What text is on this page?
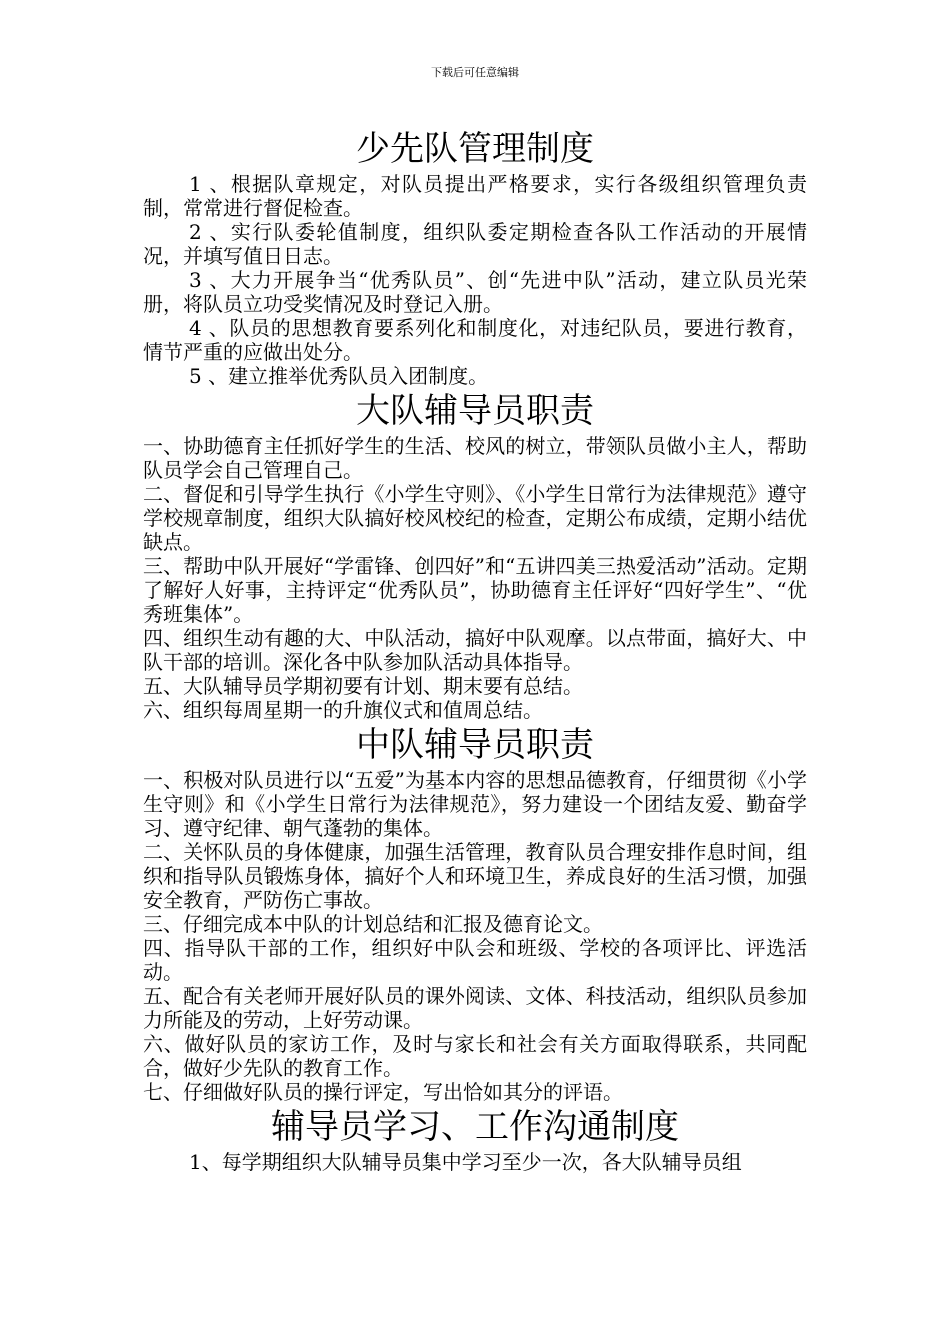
下载后可任意编辑
少先队管理制度

1 、根据队章规定，对队员提出严格要求，实行各级组织管理负责制，常常进行督促检查。

2 、实行队委轮值制度，组织队委定期检查各队工作活动的开展情况，并填写值日日志。

3 、大力开展争当“优秀队员”、创“先进中队”活动，建立队员光荣册，将队员立功受奖情况及时登记入册。

4 、队员的思想教育要系列化和制度化，对违纪队员，要进行教育，情节严重的应做出处分。

5 、建立推举优秀队员入团制度。

大队辅导员职责

一、协助德育主任抓好学生的生活、校风的树立，带领队员做小主人，帮助队员学会自己管理自己。

二、督促和引导学生执行《小学生守则》、《小学生日常行为法律规范》遵守学校规章制度，组织大队搞好校风校纪的检查，定期公布成绩，定期小结优缺点。

三、帮助中队开展好“学雷锋、创四好”和“五讲四美三热爱活动”活动。定期了解好人好事，主持评定“优秀队员”，协助德育主任评好“四好学生”、“优秀班集体”。

四、组织生动有趣的大、中队活动，搞好中队观摩。以点带面，搞好大、中队干部的培训。深化各中队参加队活动具体指导。

五、大队辅导员学期初要有计划、期末要有总结。

六、组织每周星期一的升旗仪式和值周总结。

中队辅导员职责

一、积极对队员进行以“五爱”为基本内容的思想品德教育，仔细贯彻《小学生守则》和《小学生日常行为法律规范》，努力建设一个团结友爱、勤奋学习、遵守纪律、朝气蓬勃的集体。

二、关怀队员的身体健康，加强生活管理，教育队员合理安排作息时间，组织和指导队员锻炼身体，搞好个人和环境卫生，养成良好的生活习惯，加强安全教育，严防伤亡事故。

三、仔细完成本中队的计划总结和汇报及德育论文。

四、指导队干部的工作，组织好中队会和班级、学校的各项评比、评选活动。

五、配合有关老师开展好队员的课外阅读、文体、科技活动，组织队员参加力所能及的劳动，上好劳动课。

六、做好队员的家访工作，及时与家长和社会有关方面取得联系，共同配合，做好少先队的教育工作。

七、仔细做好队员的操行评定，写出恰如其分的评语。

辅导员学习、工作沟通制度

1、每学期组织大队辅导员集中学习至少一次，各大队辅导员组
